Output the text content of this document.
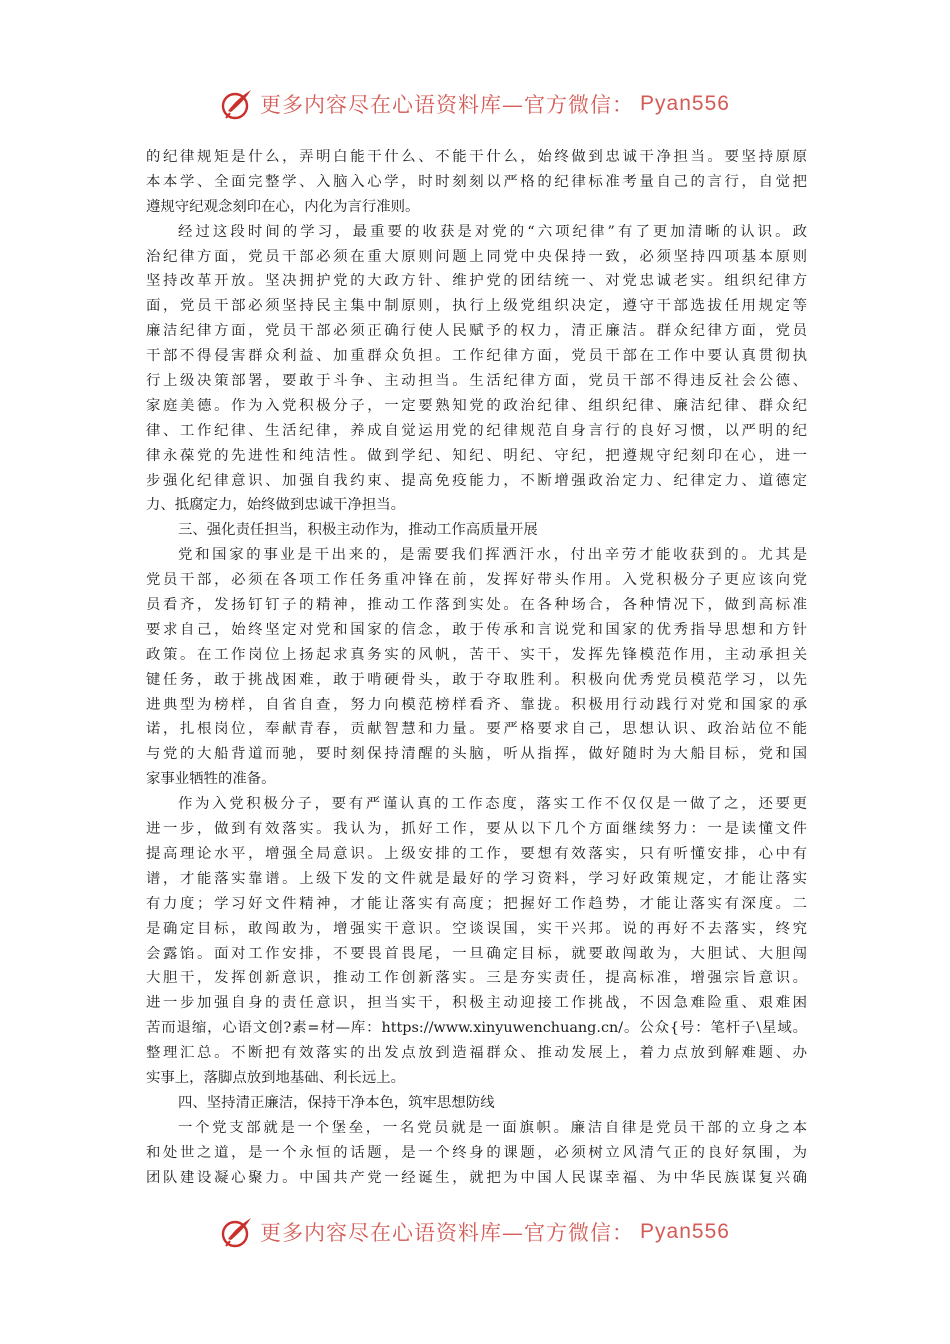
更多内容尽在心语资料库—官方微信： Pyan556
的纪律规矩是什么，弄明白能干什么、不能干什么，始终做到忠诚干净担当。要坚持原原
本本学、全面完整学、入脑入心学，时时刻刻以严格的纪律标准考量自己的言行，自觉把
遵规守纪观念刻印在心，内化为言行准则。
经过这段时间的学习，最重要的收获是对党的“六项纪律”有了更加清晰的认识。政
治纪律方面，党员干部必须在重大原则问题上同党中央保持一致，必须坚持四项基本原则
坚持改革开放。坚决拥护党的大政方针、维护党的团结统一、对党忠诚老实。组织纪律方
面，党员干部必须坚持民主集中制原则，执行上级党组织决定，遵守干部选拔任用规定等
廉洁纪律方面，党员干部必须正确行使人民赋予的权力，清正廉洁。群众纪律方面，党员
干部不得侵害群众利益、加重群众负担。工作纪律方面，党员干部在工作中要认真贯彻执
行上级决策部署，要敢于斗争、主动担当。生活纪律方面，党员干部不得违反社会公德、
家庭美德。作为入党积极分子，一定要熟知党的政治纪律、组织纪律、廉洁纪律、群众纪
律、工作纪律、生活纪律，养成自觉运用党的纪律规范自身言行的良好习惯，以严明的纪
律永葆党的先进性和纯洁性。做到学纪、知纪、明纪、守纪，把遵规守纪刻印在心，进一
步强化纪律意识、加强自我约束、提高免疫能力，不断增强政治定力、纪律定力、道德定
力、抵腐定力，始终做到忠诚干净担当。
三、强化责任担当，积极主动作为，推动工作高质量开展
党和国家的事业是干出来的，是需要我们挥洒汗水，付出辛劳才能收获到的。尤其是
党员干部，必须在各项工作任务重冲锋在前，发挥好带头作用。入党积极分子更应该向党
员看齐，发扬钉钉子的精神，推动工作落到实处。在各种场合，各种情况下，做到高标准
要求自己，始终坚定对党和国家的信念，敢于传承和言说党和国家的优秀指导思想和方针
政策。在工作岗位上扬起求真务实的风帆，苦干、实干，发挥先锋模范作用，主动承担关
键任务，敢于挑战困难，敢于啃硬骨头，敢于夺取胜利。积极向优秀党员模范学习，以先
进典型为榜样，自省自查，努力向模范榜样看齐、靠拢。积极用行动践行对党和国家的承
诺，扎根岗位，奉献青春，贡献智慧和力量。要严格要求自己，思想认识、政治站位不能
与党的大船背道而驰，要时刻保持清醒的头脑，听从指挥，做好随时为大船目标，党和国
家事业牺牲的准备。
作为入党积极分子，要有严谨认真的工作态度，落实工作不仅仅是一做了之，还要更
进一步，做到有效落实。我认为，抓好工作，要从以下几个方面继续努力：一是读懂文件
提高理论水平，增强全局意识。上级安排的工作，要想有效落实，只有听懂安排，心中有
谱，才能落实靠谱。上级下发的文件就是最好的学习资料，学习好政策规定，才能让落实
有力度；学习好文件精神，才能让落实有高度；把握好工作趋势，才能让落实有深度。二
是确定目标，敢闯敢为，增强实干意识。空谈误国，实干兴邦。说的再好不去落实，终究
会露馅。面对工作安排，不要畏首畏尾，一旦确定目标，就要敢闯敢为，大胆试、大胆闯
大胆干，发挥创新意识，推动工作创新落实。三是夯实责任，提高标准，增强宗旨意识。
进一步加强自身的责任意识，担当实干，积极主动迎接工作挑战，不因急难险重、艰难困
苦而退缩，心语文创?素=材—库：https://www.xinyuwenchuang.cn/。公众{号：笔杆子\星域。
整理汇总。不断把有效落实的出发点放到造福群众、推动发展上，着力点放到解难题、办
实事上，落脚点放到地基础、利长远上。
四、坚持清正廉洁，保持干净本色，筑牢思想防线
一个党支部就是一个堡垒，一名党员就是一面旗帜。廉洁自律是党员干部的立身之本
和处世之道，是一个永恒的话题，是一个终身的课题，必须树立风清气正的良好氛围，为
团队建设凝心聚力。中国共产党一经诞生，就把为中国人民谋幸福、为中华民族谋复兴确
更多内容尽在心语资料库—官方微信： Pyan556
